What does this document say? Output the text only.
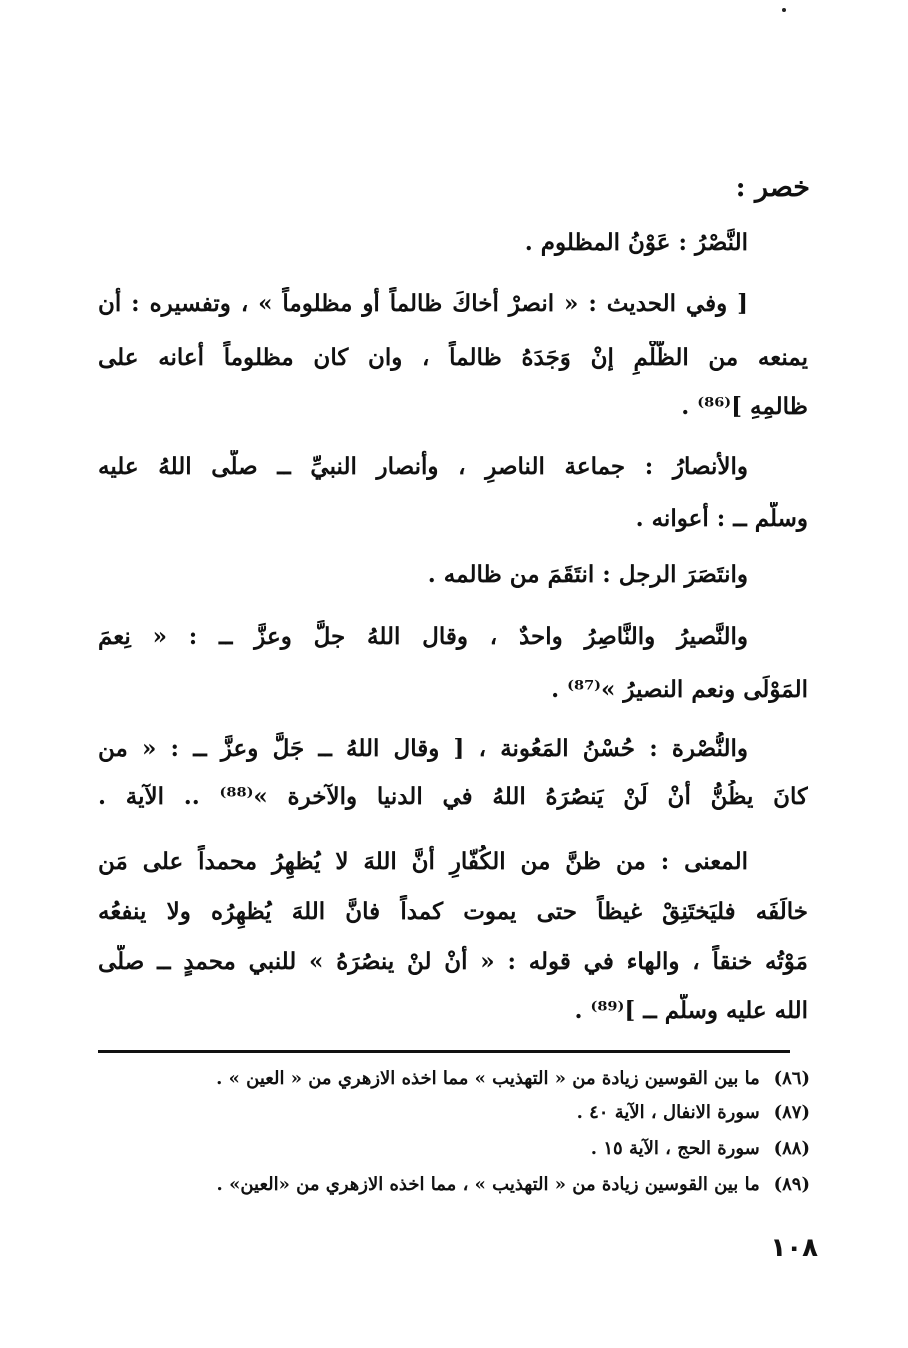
خصر :
النَّصْرُ : عَوْنُ المظلوم .
[ وفي الحديث : « انصرْ أخاكَ ظالماً أو مظلوماً » ، وتفسيره : أن
يمنعه من الظُّلْمِ إنْ وَجَدَهُ ظالماً ، وان كان مظلوماً أعانه على
ظالمِهِ ]⁽⁸⁶⁾ .
والأنصارُ : جماعة الناصرِ ، وأنصار النبيِّ ــ صلّى اللهُ عليه
وسلّم ــ : أعوانه .
وانتَصَرَ الرجل : انتَقَمَ من ظالمه .
والنَّصيرُ والنَّاصِرُ واحدٌ ، وقال اللهُ جلَّ وعزَّ ــ : « نِعمَ
المَوْلَى ونعم النصيرُ »⁽⁸⁷⁾ .
والنُّصْرة : حُسْنُ المَعُونة ، [ وقال اللهُ ــ جَلَّ وعزَّ ــ : « من
كانَ يظُنُّ أنْ لَنْ يَنصُرَهُ اللهُ في الدنيا والآخرة »⁽⁸⁸⁾ .. الآية .
المعنى : من ظنَّ من الكُفّارِ أنَّ اللهَ لا يُظهِرُ محمداً على مَن
خالَفَه فليَختَنِقْ غيظاً حتى يموت كمداً فانَّ اللهَ يُظهِرُه ولا ينفعُه
مَوْتُه خنقاً ، والهاء في قوله : « أنْ لنْ ينصُرَهُ » للنبي محمدٍ ــ صلّى
الله عليه وسلّم ــ ]⁽⁸⁹⁾ .
(٨٦) ما بين القوسين زيادة من « التهذيب » مما اخذه الازهري من « العين » .
(٨٧) سورة الانفال ، الآية ٤٠ .
(٨٨) سورة الحج ، الآية ١٥ .
(٨٩) ما بين القوسين زيادة من « التهذيب » ، مما اخذه الازهري من «العين» .
١٠٨
